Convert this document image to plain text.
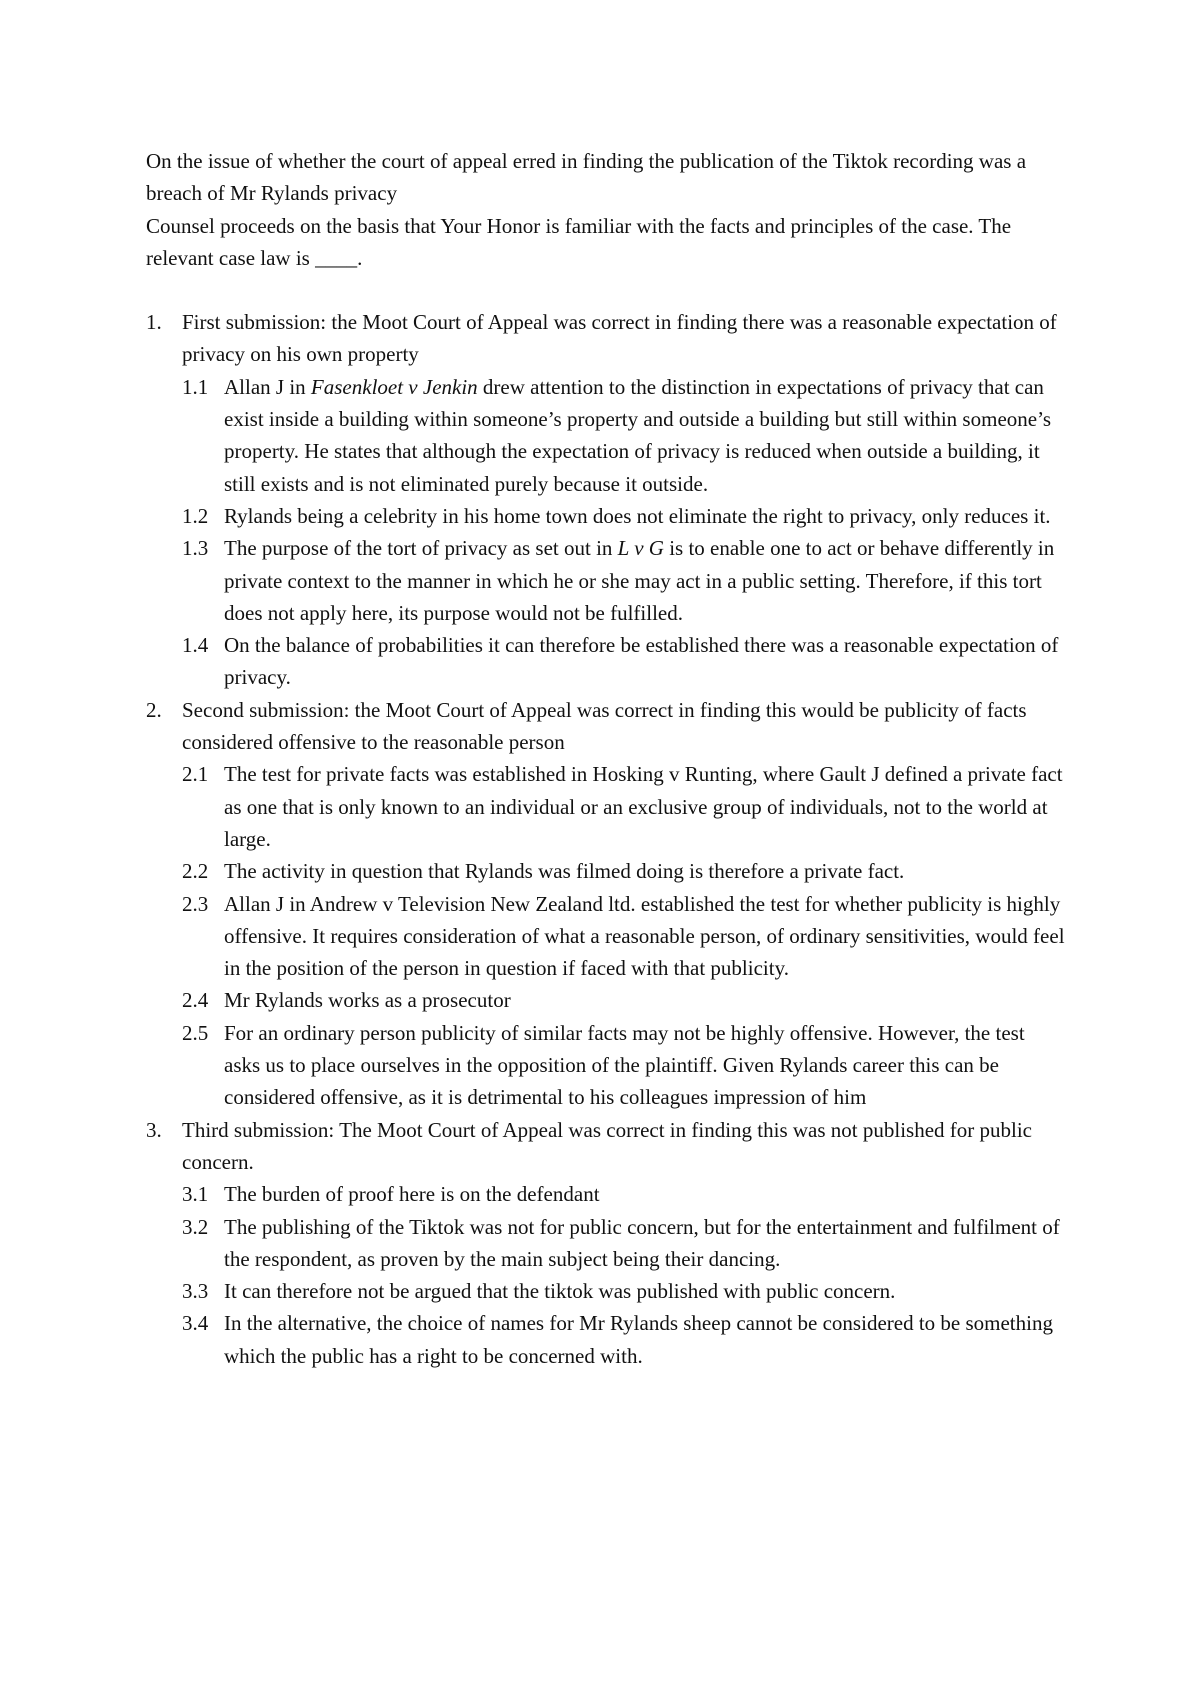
On the issue of whether the court of appeal erred in finding the publication of the Tiktok recording was a breach of Mr Rylands privacy

Counsel proceeds on the basis that Your Honor is familiar with the facts and principles of the case. The relevant case law is ____.

1. First submission: the Moot Court of Appeal was correct in finding there was a reasonable expectation of privacy on his own property
1.1 Allan J in Fasenkloet v Jenkin drew attention to the distinction in expectations of privacy that can exist inside a building within someone’s property and outside a building but still within someone’s property. He states that although the expectation of privacy is reduced when outside a building, it still exists and is not eliminated purely because it outside.
1.2 Rylands being a celebrity in his home town does not eliminate the right to privacy, only reduces it.
1.3 The purpose of the tort of privacy as set out in L v G is to enable one to act or behave differently in private context to the manner in which he or she may act in a public setting. Therefore, if this tort does not apply here, its purpose would not be fulfilled.
1.4 On the balance of probabilities it can therefore be established there was a reasonable expectation of privacy.
2. Second submission: the Moot Court of Appeal was correct in finding this would be publicity of facts considered offensive to the reasonable person
2.1 The test for private facts was established in Hosking v Runting, where Gault J defined a private fact as one that is only known to an individual or an exclusive group of individuals, not to the world at large.
2.2 The activity in question that Rylands was filmed doing is therefore a private fact.
2.3 Allan J in Andrew v Television New Zealand ltd. established the test for whether publicity is highly offensive. It requires consideration of what a reasonable person, of ordinary sensitivities, would feel in the position of the person in question if faced with that publicity.
2.4 Mr Rylands works as a prosecutor
2.5 For an ordinary person publicity of similar facts may not be highly offensive. However, the test asks us to place ourselves in the opposition of the plaintiff. Given Rylands career this can be considered offensive, as it is detrimental to his colleagues impression of him
3. Third submission: The Moot Court of Appeal was correct in finding this was not published for public concern.
3.1 The burden of proof here is on the defendant
3.2 The publishing of the Tiktok was not for public concern, but for the entertainment and fulfilment of the respondent, as proven by the main subject being their dancing.
3.3 It can therefore not be argued that the tiktok was published with public concern.
3.4 In the alternative, the choice of names for Mr Rylands sheep cannot be considered to be something which the public has a right to be concerned with.
